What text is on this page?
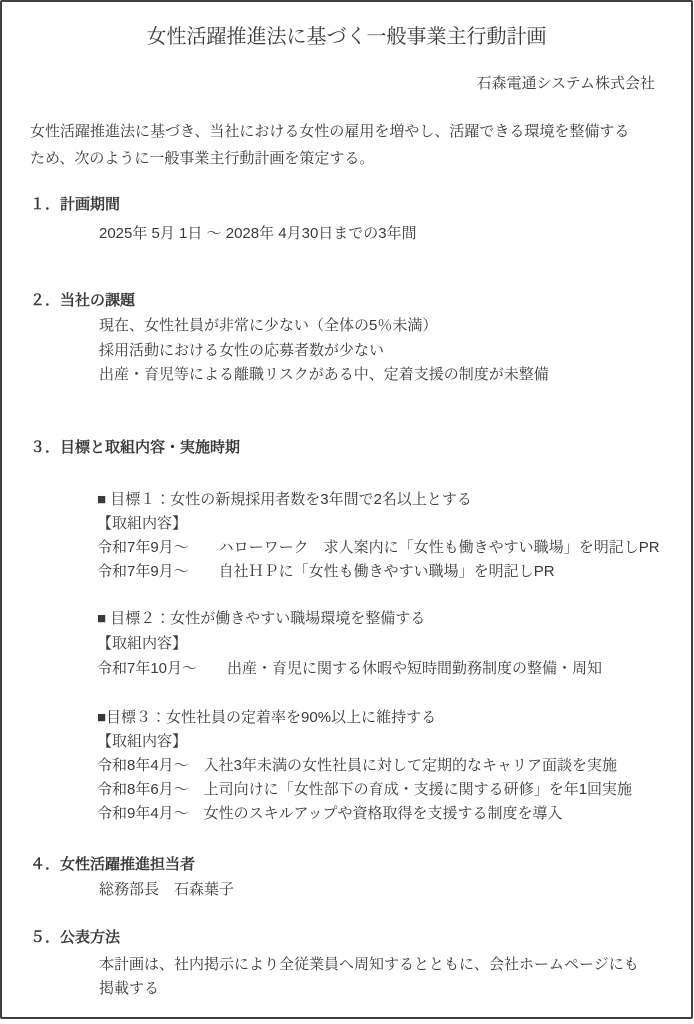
女性活躍推進法に基づく一般事業主行動計画
石森電通システム株式会社
女性活躍推進法に基づき、当社における女性の雇用を増やし、活躍できる環境を整備する
ため、次のように一般事業主行動計画を策定する。
１．計画期間
2025年 5月 1日 ～ 2028年 4月30日までの3年間
２．当社の課題
現在、女性社員が非常に少ない（全体の5％未満）
採用活動における女性の応募者数が少ない
出産・育児等による離職リスクがある中、定着支援の制度が未整備
３．目標と取組内容・実施時期
■ 目標１：女性の新規採用者数を3年間で2名以上とする
【取組内容】
令和7年9月～　　ハローワーク　求人案内に「女性も働きやすい職場」を明記しPR
令和7年9月～　　自社ＨＰに「女性も働きやすい職場」を明記しPR
■ 目標２：女性が働きやすい職場環境を整備する
【取組内容】
令和7年10月～　　出産・育児に関する休暇や短時間勤務制度の整備・周知
■目標３：女性社員の定着率を90%以上に維持する
【取組内容】
令和8年4月～　入社3年未満の女性社員に対して定期的なキャリア面談を実施
令和8年6月～　上司向けに「女性部下の育成・支援に関する研修」を年1回実施
令和9年4月～　女性のスキルアップや資格取得を支援する制度を導入
４．女性活躍推進担当者
総務部長　石森葉子
５．公表方法
本計画は、社内掲示により全従業員へ周知するとともに、会社ホームページにも
掲載する
